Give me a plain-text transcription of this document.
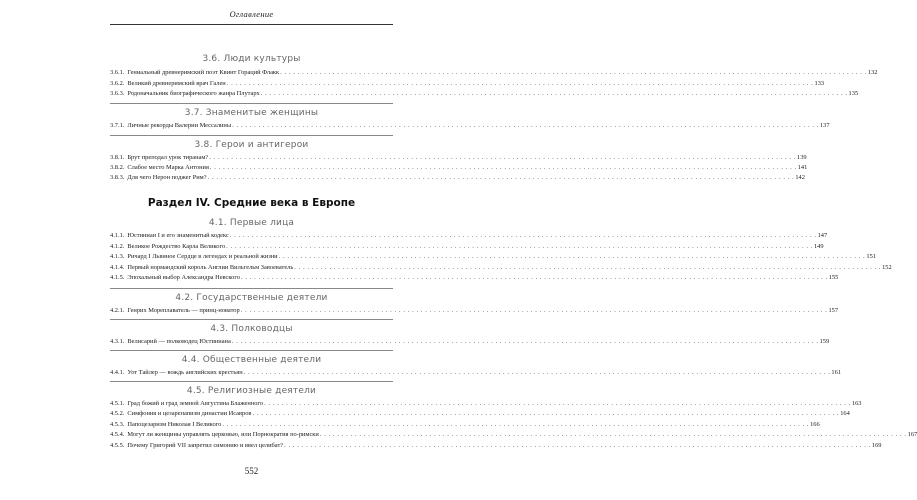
Оглавление
3.6. Люди культуры
3.6.1. Гениальный древнеримский поэт Квинт Гораций Флакк . . .	132
3.6.2. Великий древнеримский врач Гален . . .	133
3.6.3. Родоначальник биографического жанра Плутарх . . .	135
3.7. Знаменитые женщины
3.7.1. Личные рекорды Валерии Мессалины . . .	137
3.8. Герои и антигерои
3.8.1. Брут преподал урок тиранам? . . .	139
3.8.2. Слабое место Марка Антония . . .	141
3.8.3. Для чего Нерон поджег Рим? . . .	142
Раздел IV. Средние века в Европе
4.1. Первые лица
4.1.1. Юстиниан I и его знаменитый кодекс . . .	147
4.1.2. Великое Рождество Карла Великого . . .	149
4.1.3. Ричард I Львиное Сердце в легендах и реальной жизни . . .	151
4.1.4. Первый нормандский король Англии Вильгельм Завоеватель . . .	152
4.1.5. Эпохальный выбор Александра Невского . . .	155
4.2. Государственные деятели
4.2.1. Генрих Мореплаватель — принц-новатор . . .	157
4.3. Полководцы
4.3.1. Велисарий — полководец Юстиниана . . .	159
4.4. Общественные деятели
4.4.1. Уот Тайлер — вождь английских крестьян . . .	161
4.5. Религиозные деятели
4.5.1. Град божий и град земной Августина Блаженного . . .	163
4.5.2. Симфония и цезарепапизм династии Исавров . . .	164
4.5.3. Папоцезаризм Николая I Великого . . .	166
4.5.4. Могут ли женщины управлять церковью, или Порнократия по-римски . . .	167
4.5.5. Почему Григорий VII запретил симонию и ввел целибат? . . .	169
552
